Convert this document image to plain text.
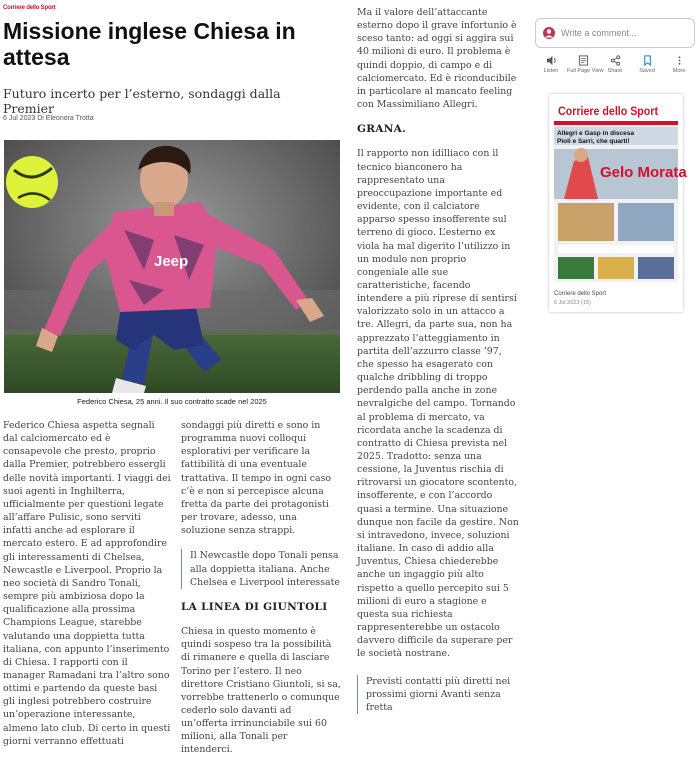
Corriere dello Sport
Missione inglese Chiesa in attesa
Futuro incerto per l’esterno, sondaggi dalla Premier
6 Jul 2023 Di Eleonora Trotta
Jeep
Federico Chiesa, 25 anni. Il suo contratto scade nel 2025

Federico Chiesa aspetta segnali dal calciomercato ed è consapevole che presto, proprio dalla Premier, potrebbero essergli delle novità importanti. I viaggi dei suoi agenti in Inghilterra, ufficialmente per questioni legate all’affare Pulisic, sono serviti infatti anche ad esplorare il mercato estero. E ad approfondire gli interessamenti di Chelsea, Newcastle e Liverpool. Proprio la neo società di Sandro Tonali, sempre più ambiziosa dopo la qualificazione alla prossima Champions League, starebbe valutando una doppietta tutta italiana, con appunto l’inserimento di Chiesa. I rapporti con il manager Ramadani tra l’altro sono ottimi e partendo da queste basi gli inglesi potrebbero costruire un’operazione interessante, almeno lato club. Di certo in questi giorni verranno effettuati

sondaggi più diretti e sono in programma nuovi colloqui esplorativi per verificare la fattibilità di una eventuale trattativa. Il tempo in ogni caso c’è e non si percepisce alcuna fretta da parte dei protagonisti per trovare, adesso, una soluzione senza strappi.

Il Newcastle dopo Tonali pensa alla doppietta italiana. Anche Chelsea e Liverpool interessate

LA LINEA DI GIUNTOLI

Chiesa in questo momento è quindi sospeso tra la possibilità di rimanere e quella di lasciare Torino per l’estero. Il neo direttore Cristiano Giuntoli, si sa, vorrebbe trattenerlo o comunque cederlo solo davanti ad un’offerta irrinunciabile sui 60 milioni, alla Tonali per intenderci.

Ma il valore dell’attaccante esterno dopo il grave infortunio è sceso tanto: ad oggi si aggira sui 40 milioni di euro. Il problema è quindi doppio, di campo e di calciomercato. Ed è riconducibile in particolare al mancato feeling con Massimiliano Allegri.

GRANA.

Il rapporto non idilliaco con il tecnico bianconero ha rappresentato una preoccupazione importante ed evidente, con il calciatore apparso spesso insofferente sul terreno di gioco. L’esterno ex viola ha mal digerito l’utilizzo in un modulo non proprio congeniale alle sue caratteristiche, facendo intendere a più riprese di sentirsi valorizzato solo in un attacco a tre. Allegri, da parte sua, non ha apprezzato l’atteggiamento in partita dell’azzurro classe ’97, che spesso ha esagerato con qualche dribbling di troppo perdendo palla anche in zone nevralgiche del campo. Tornando al problema di mercato, va ricordata anche la scadenza di contratto di Chiesa prevista nel 2025. Tradotto: senza una cessione, la Juventus rischia di ritrovarsi un giocatore scontento, insofferente, e con l’accordo quasi a termine. Una situazione dunque non facile da gestire. Non si intravedono, invece, soluzioni italiane. In caso di addio alla Juventus, Chiesa chiederebbe anche un ingaggio più alto rispetto a quello percepito sui 5 milioni di euro a stagione e questa sua richiesta rappresenterebbe un ostacolo davvero difficile da superare per le società nostrane.

Previsti contatti più diretti nei prossimi giorni Avanti senza fretta

Write a comment...
Listen	Full Page View Share	Saved	More
Corriere dello Sport
Allegri e Gasp in discesa
Pioli e Sarri, che quarti!
Gelo Morata
Corriere dello Sport
6 Jul 2023 (15)
